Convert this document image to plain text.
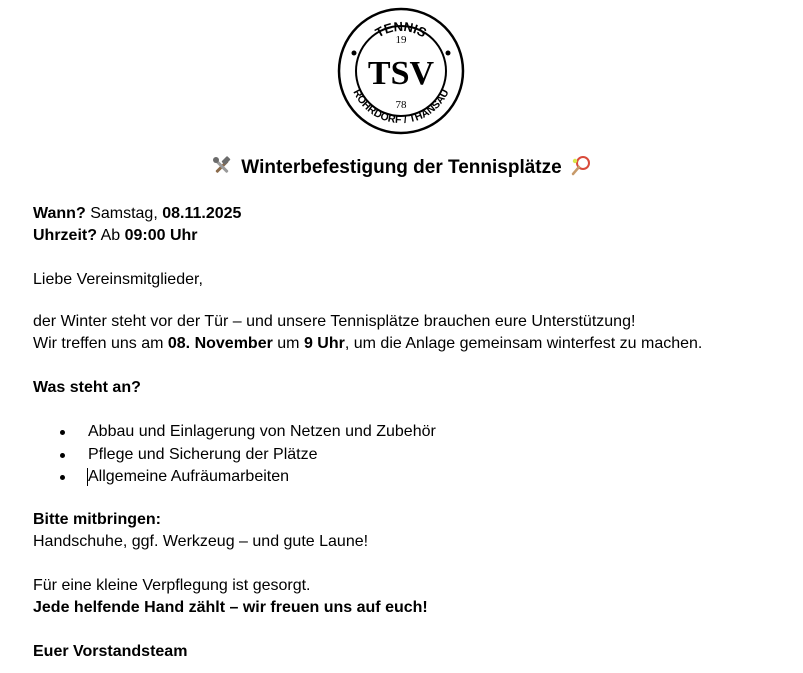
TENNIS
ROHRDORF / THANSAU
19
TSV
78
Winterbefestigung der Tennisplätze

Wann? Samstag, 08.11.2025

Uhrzeit? Ab 09:00 Uhr

Liebe Vereinsmitglieder,

der Winter steht vor der Tür – und unsere Tennisplätze brauchen eure Unterstützung!

Wir treffen uns am 08. November um 9 Uhr, um die Anlage gemeinsam winterfest zu machen.

Was steht an?

Abbau und Einlagerung von Netzen und Zubehör
Pflege und Sicherung der Plätze
Allgemeine Aufräumarbeiten

Bitte mitbringen:

Handschuhe, ggf. Werkzeug – und gute Laune!

Für eine kleine Verpflegung ist gesorgt.

Jede helfende Hand zählt – wir freuen uns auf euch!

Euer Vorstandsteam
